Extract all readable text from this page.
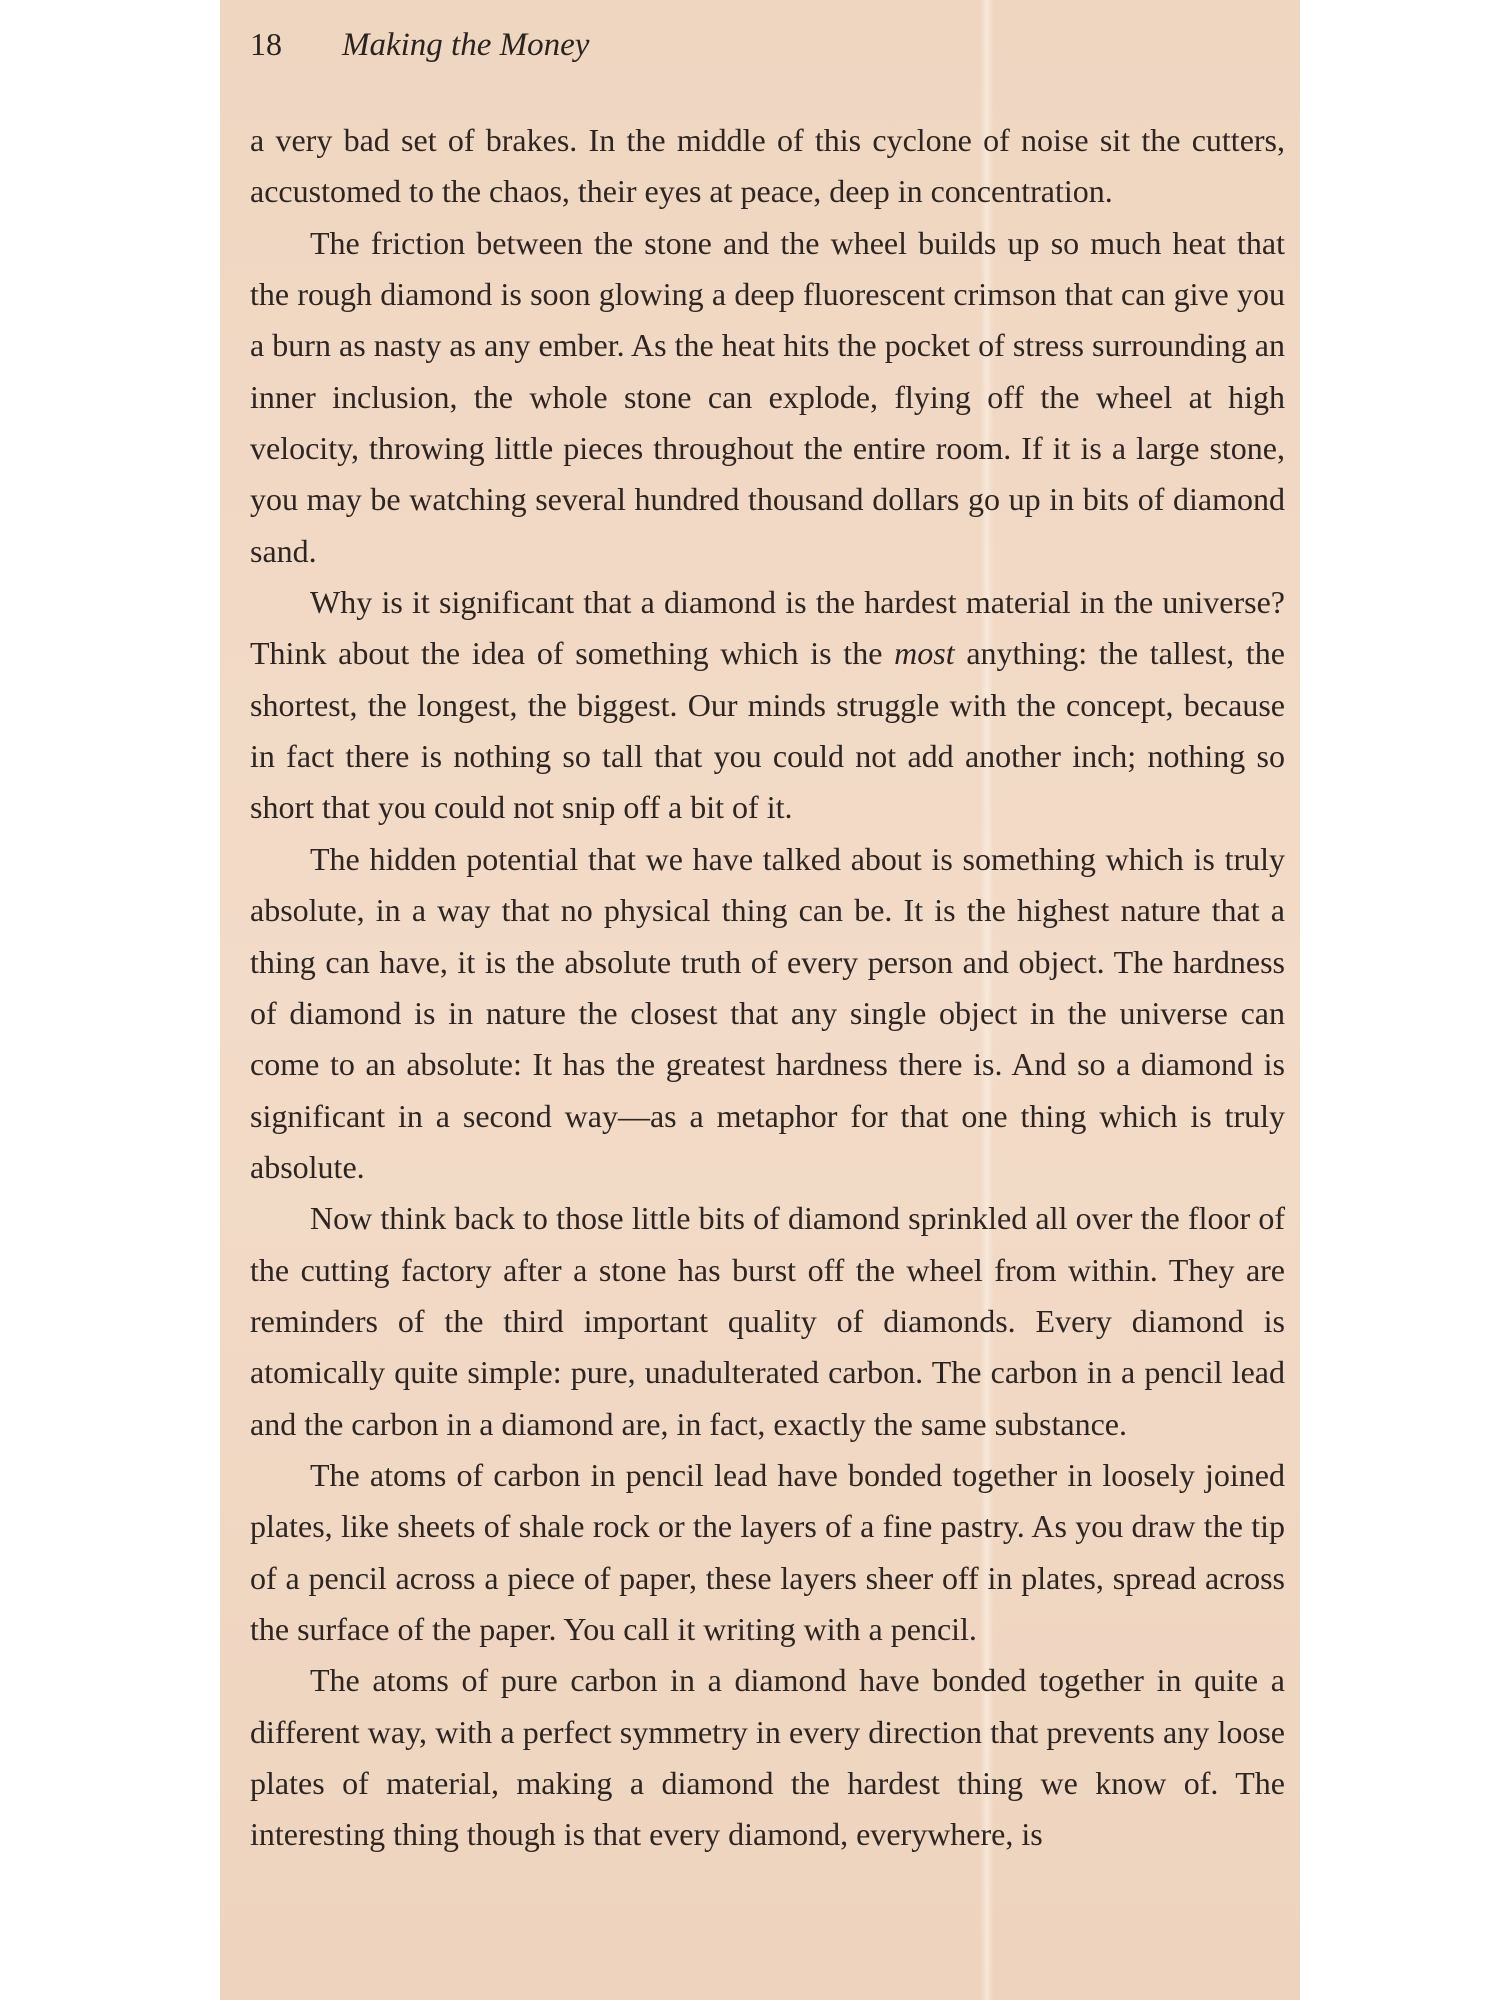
18 Making the Money

a very bad set of brakes. In the middle of this cyclone of noise sit the cutters, accustomed to the chaos, their eyes at peace, deep in concentration.

The friction between the stone and the wheel builds up so much heat that the rough diamond is soon glowing a deep fluorescent crimson that can give you a burn as nasty as any ember. As the heat hits the pocket of stress surrounding an inner inclusion, the whole stone can explode, flying off the wheel at high velocity, throwing little pieces throughout the entire room. If it is a large stone, you may be watching several hundred thousand dollars go up in bits of diamond sand.

Why is it significant that a diamond is the hardest material in the universe? Think about the idea of something which is the most anything: the tallest, the shortest, the longest, the biggest. Our minds struggle with the concept, because in fact there is nothing so tall that you could not add another inch; nothing so short that you could not snip off a bit of it.

The hidden potential that we have talked about is something which is truly absolute, in a way that no physical thing can be. It is the highest nature that a thing can have, it is the absolute truth of every person and object. The hardness of diamond is in nature the closest that any single object in the universe can come to an absolute: It has the greatest hardness there is. And so a diamond is significant in a second way—as a metaphor for that one thing which is truly absolute.

Now think back to those little bits of diamond sprinkled all over the floor of the cutting factory after a stone has burst off the wheel from within. They are reminders of the third important quality of diamonds. Every diamond is atomically quite simple: pure, unadulterated carbon. The carbon in a pencil lead and the carbon in a diamond are, in fact, exactly the same substance.

The atoms of carbon in pencil lead have bonded together in loosely joined plates, like sheets of shale rock or the layers of a fine pastry. As you draw the tip of a pencil across a piece of paper, these layers sheer off in plates, spread across the surface of the paper. You call it writing with a pencil.

The atoms of pure carbon in a diamond have bonded together in quite a different way, with a perfect symmetry in every direction that prevents any loose plates of material, making a diamond the hardest thing we know of. The interesting thing though is that every diamond, everywhere, is
